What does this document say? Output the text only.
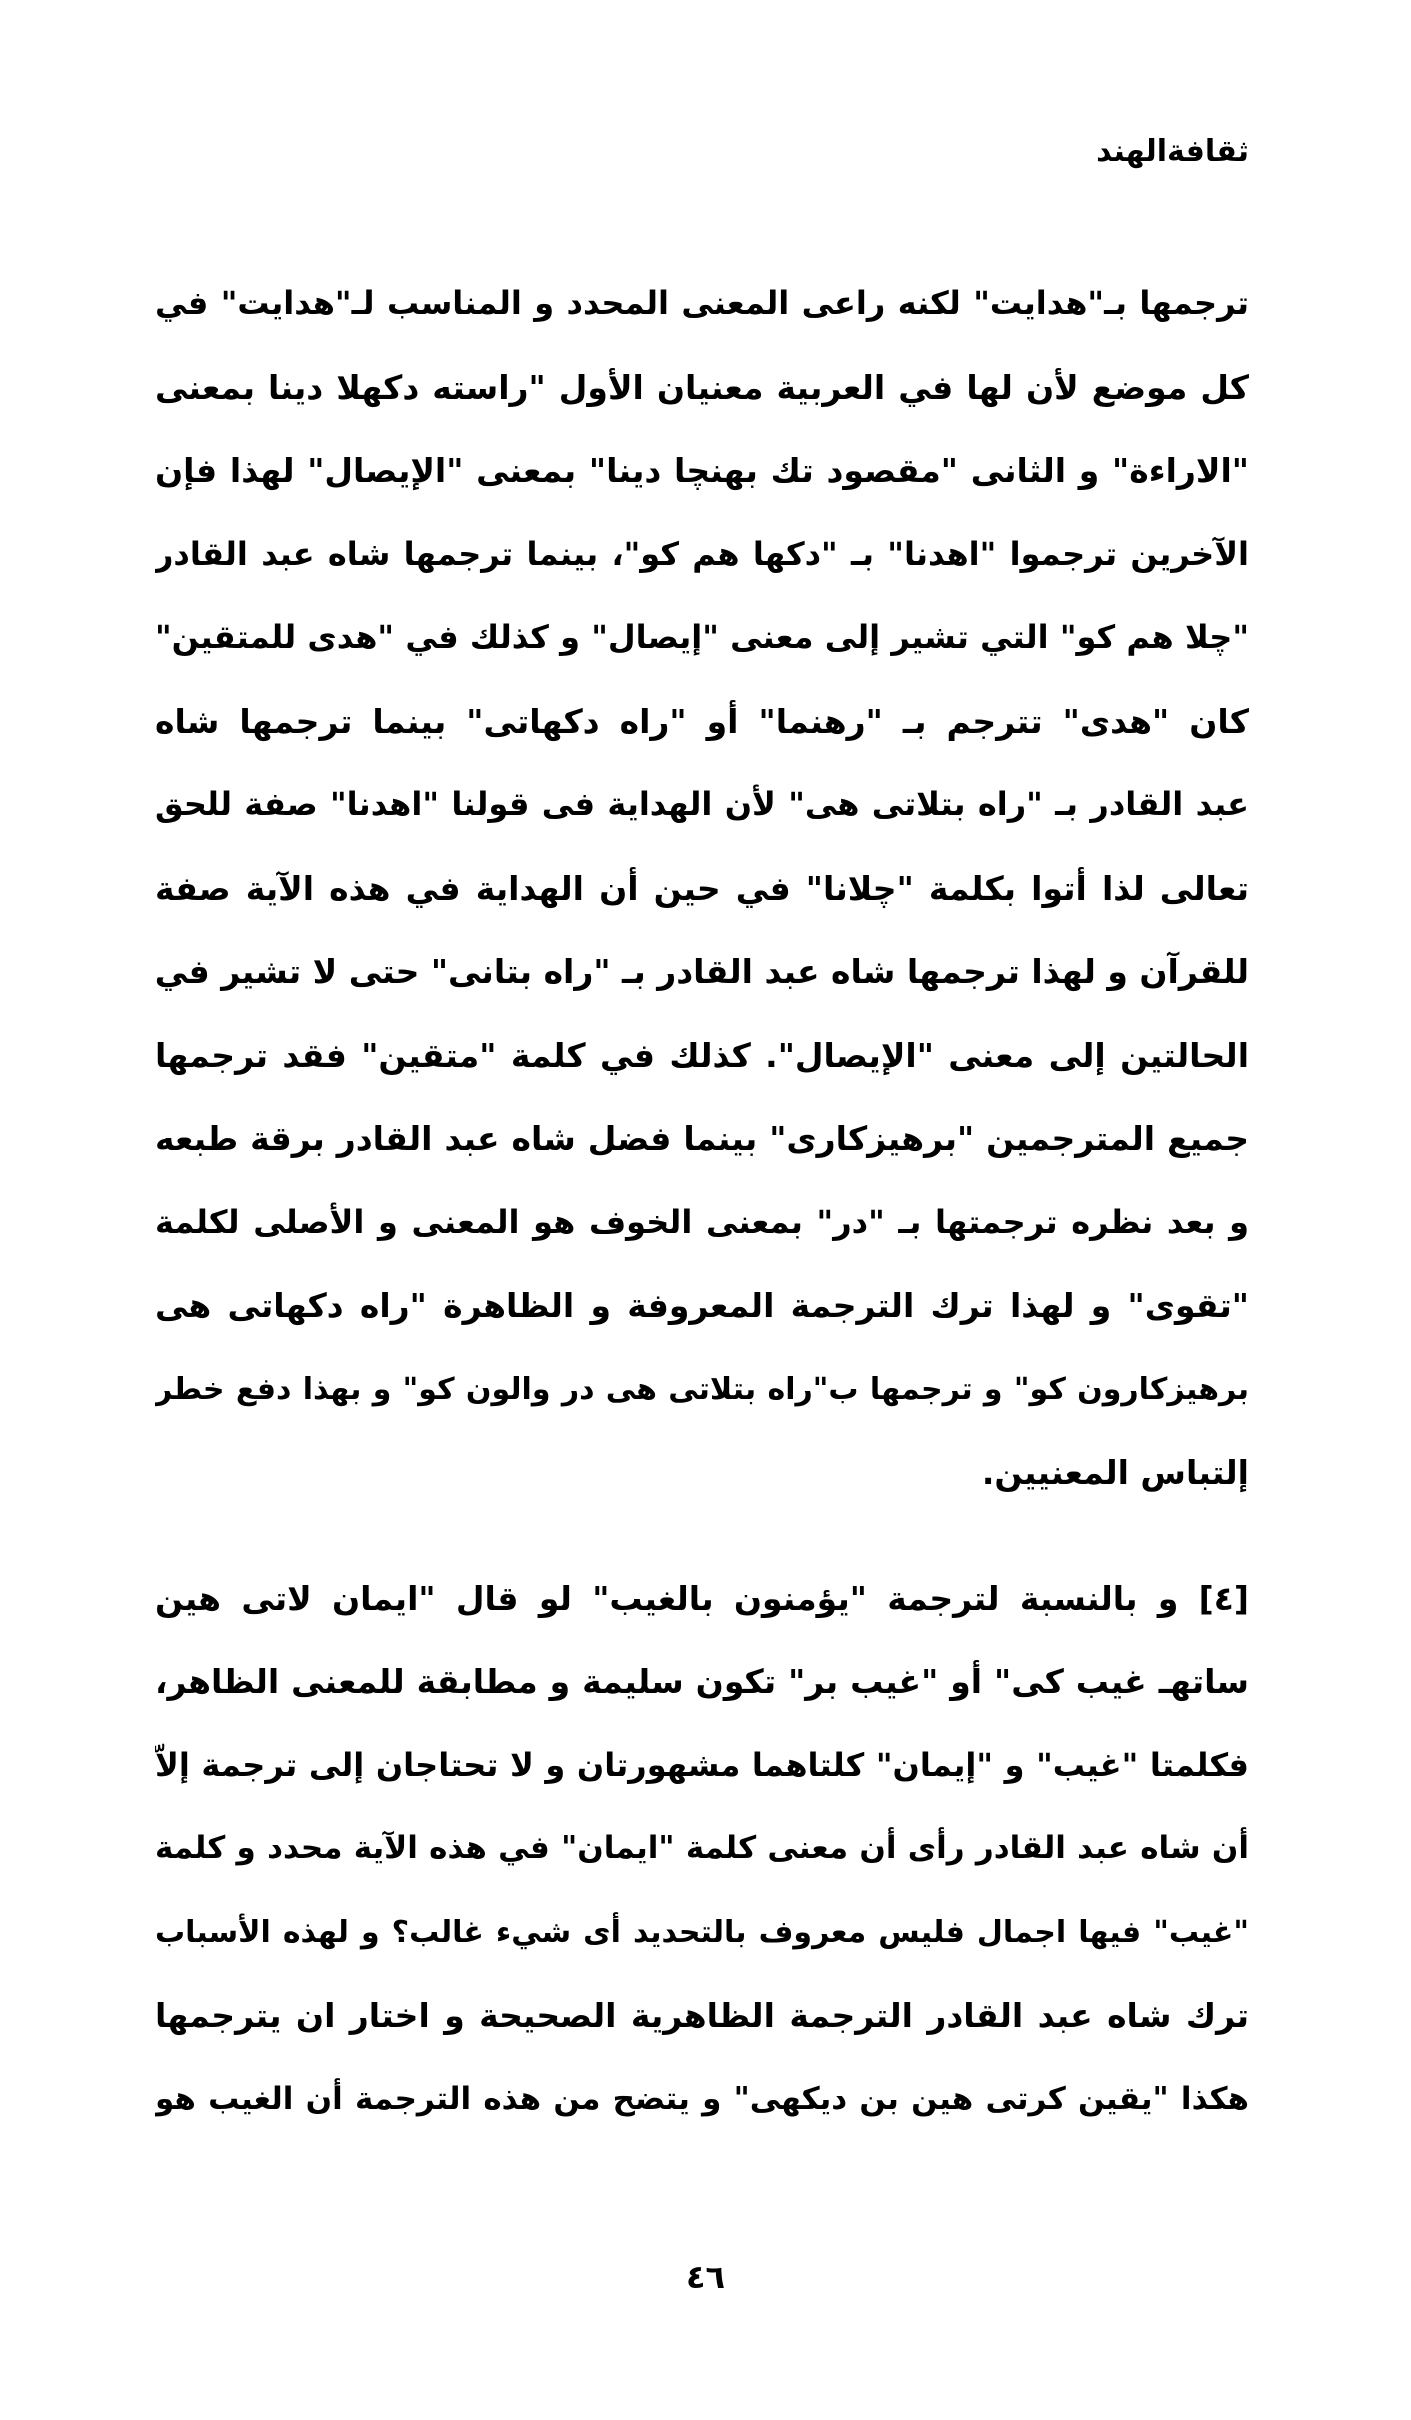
ثقافةالهند

ترجمها بـ"هدايت" لكنه راعى المعنى المحدد و المناسب لـ"هدايت" في
كل موضع لأن لها في العربية معنيان الأول "راسته دكهلا دينا بمعنى
"الاراءة" و الثانى "مقصود تك بهنچا دينا" بمعنى "الإيصال" لهذا فإن
الآخرين ترجموا "اهدنا" بـ "دكها هم كو"، بينما ترجمها شاه عبد القادر
"چلا هم كو" التي تشير إلى معنى "إيصال" و كذلك في "هدى للمتقين"
كان "هدى" تترجم بـ "رهنما" أو "راه دكهاتى" بينما ترجمها شاه
عبد القادر بـ "راه بتلاتى هى" لأن الهداية فى قولنا "اهدنا" صفة للحق
تعالى لذا أتوا بكلمة "چلانا" في حين أن الهداية في هذه الآية صفة
للقرآن و لهذا ترجمها شاه عبد القادر بـ "راه بتانى" حتى لا تشير في
الحالتين إلى معنى "الإيصال". كذلك في كلمة "متقين" فقد ترجمها
جميع المترجمين "برهيزكارى" بينما فضل شاه عبد القادر برقة طبعه
و بعد نظره ترجمتها بـ "در" بمعنى الخوف هو المعنى و الأصلى لكلمة
"تقوى" و لهذا ترك الترجمة المعروفة و الظاهرة "راه دكهاتى هى
برهيزكارون كو" و ترجمها ب"راه بتلاتى هى در والون كو" و بهذا دفع خطر
إلتباس المعنيين.

[٤] و بالنسبة لترجمة "يؤمنون بالغيب" لو قال "ايمان لاتى هين
ساتهـ غيب كى" أو "غيب بر" تكون سليمة و مطابقة للمعنى الظاهر،
فكلمتا "غيب" و "إيمان" كلتاهما مشهورتان و لا تحتاجان إلى ترجمة إلاّ
أن شاه عبد القادر رأى أن معنى كلمة "ايمان" في هذه الآية محدد و كلمة
"غيب" فيها اجمال فليس معروف بالتحديد أى شيء غالب؟ و لهذه الأسباب
ترك شاه عبد القادر الترجمة الظاهرية الصحيحة و اختار ان يترجمها
هكذا "يقين كرتى هين بن ديكهى" و يتضح من هذه الترجمة أن الغيب هو

٤٦
